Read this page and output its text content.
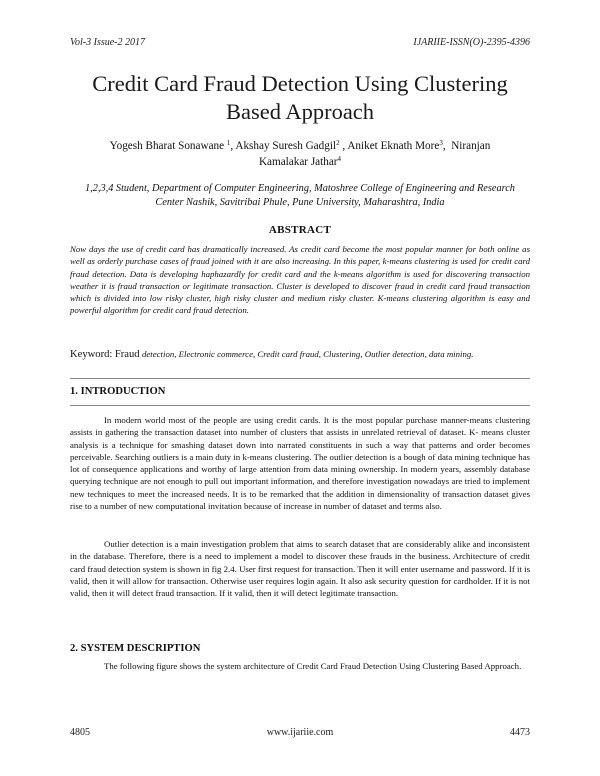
Vol-3 Issue-2 2017	IJARIIE-ISSN(O)-2395-4396
Credit Card Fraud Detection Using Clustering
Based Approach
Yogesh Bharat Sonawane $^1$, Akshay Suresh Gadgil$^2$ , Aniket Eknath More$^3$,  Niranjan
Kamalakar Jathar$^4$
1,2,3,4 Student, Department of Computer Engineering, Matoshree College of Engineering and Research Center Nashik, Savitribai Phule, Pune University, Maharashtra, India
ABSTRACT
Now days the use of credit card has dramatically increased. As credit card become the most popular manner for both online as well as orderly purchase cases of fraud joined with it are also increasing. In this paper, k-means clustering is used for credit card fraud detection. Data is developing haphazardly for credit card and the k-means algorithm is used for discovering transaction weather it is fraud transaction or legitimate transaction. Cluster is developed to discover fraud in credit card fraud transaction which is divided into low risky cluster, high risky cluster and medium risky cluster. K-means clustering algorithm is easy and powerful algorithm for credit card fraud detection.
Keyword: Fraud detection, Electronic commerce, Credit card fraud, Clustering, Outlier detection, data mining.
1. INTRODUCTION
In modern world most of the people are using credit cards. It is the most popular purchase manner-means clustering assists in gathering the transaction dataset into number of clusters that assists in unrelated retrieval of dataset. K- means cluster analysis is a technique for smashing dataset down into narrated constituents in such a way that patterns and order becomes perceivable. Searching outliers is a main duty in k-means clustering. The outlier detection is a bough of data mining technique has lot of consequence applications and worthy of large attention from data mining ownership. In modern years, assembly database querying technique are not enough to pull out important information, and therefore investigation nowadays are tried to implement new techniques to meet the increased needs. It is to be remarked that the addition in dimensionality of transaction dataset gives rise to a number of new computational invitation because of increase in number of dataset and terms also.
Outlier detection is a main investigation problem that aims to search dataset that are considerably alike and inconsistent in the database. Therefore, there is a need to implement a model to discover these frauds in the business. Architecture of credit card fraud detection system is shown in fig 2.4. User first request for transaction. Then it will enter username and password. If it is valid, then it will allow for transaction. Otherwise user requires login again. It also ask security question for cardholder. If it is not valid, then it will detect fraud transaction. If it valid, then it will detect legitimate transaction.
2. SYSTEM DESCRIPTION
The following figure shows the system architecture of Credit Card Fraud Detection Using Clustering Based Approach.
4805	www.ijariie.com	4473
